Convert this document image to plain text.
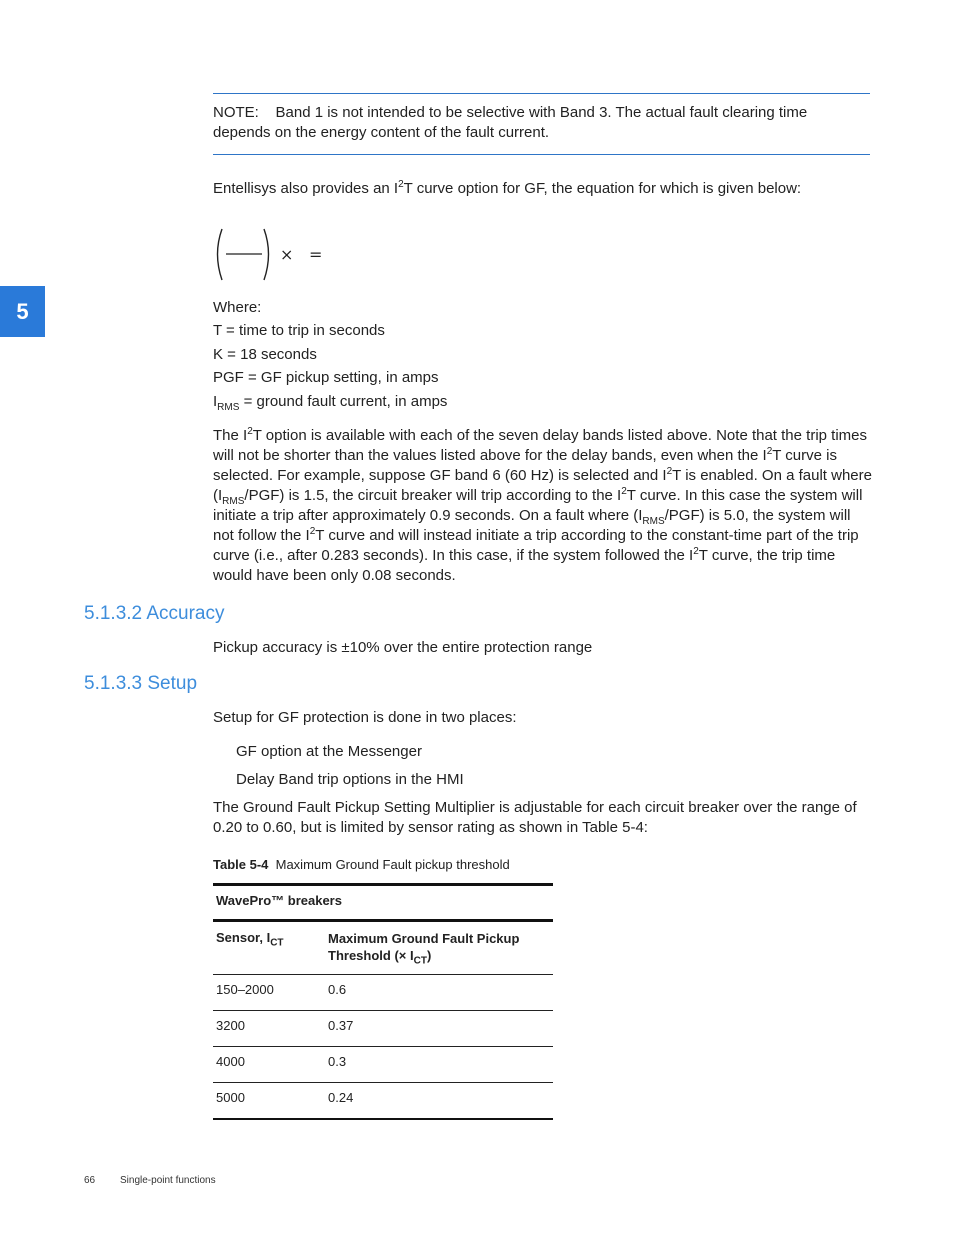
5
NOTE: Band 1 is not intended to be selective with Band 3. The actual fault clearing time depends on the energy content of the fault current.
Entellisys also provides an $I^2T$ curve option for GF, the equation for which is given below:
× =
Where:
T = time to trip in seconds
K = 18 seconds
PGF = GF pickup setting, in amps
$I_{RMS}$ = ground fault current, in amps
The $I^2T$ option is available with each of the seven delay bands listed above. Note that the trip times will not be shorter than the values listed above for the delay bands, even when the $I^2T$ curve is selected. For example, suppose GF band 6 (60 Hz) is selected and $I^2T$ is enabled. On a fault where $(I_{RMS}/PGF)$ is 1.5, the circuit breaker will trip according to the $I^2T$ curve. In this case the system will initiate a trip after approximately 0.9 seconds. On a fault where $(I_{RMS}/PGF)$ is 5.0, the system will not follow the $I^2T$ curve and will instead initiate a trip according to the constant-time part of the trip curve (i.e., after 0.283 seconds). In this case, if the system followed the $I^2T$ curve, the trip time would have been only 0.08 seconds.
5.1.3.2 Accuracy
Pickup accuracy is ±10% over the entire protection range
5.1.3.3 Setup
Setup for GF protection is done in two places:
GF option at the Messenger
Delay Band trip options in the HMI
The Ground Fault Pickup Setting Multiplier is adjustable for each circuit breaker over the range of 0.20 to 0.60, but is limited by sensor rating as shown in Table 5-4:
Table 5-4 Maximum Ground Fault pickup threshold
WavePro™ breakers
Sensor, $I_{CT}$	Maximum Ground Fault Pickup
Threshold (× $I_{CT}$)
150–2000	0.6
3200	0.37
4000	0.3
5000	0.24
66 Single-point functions
